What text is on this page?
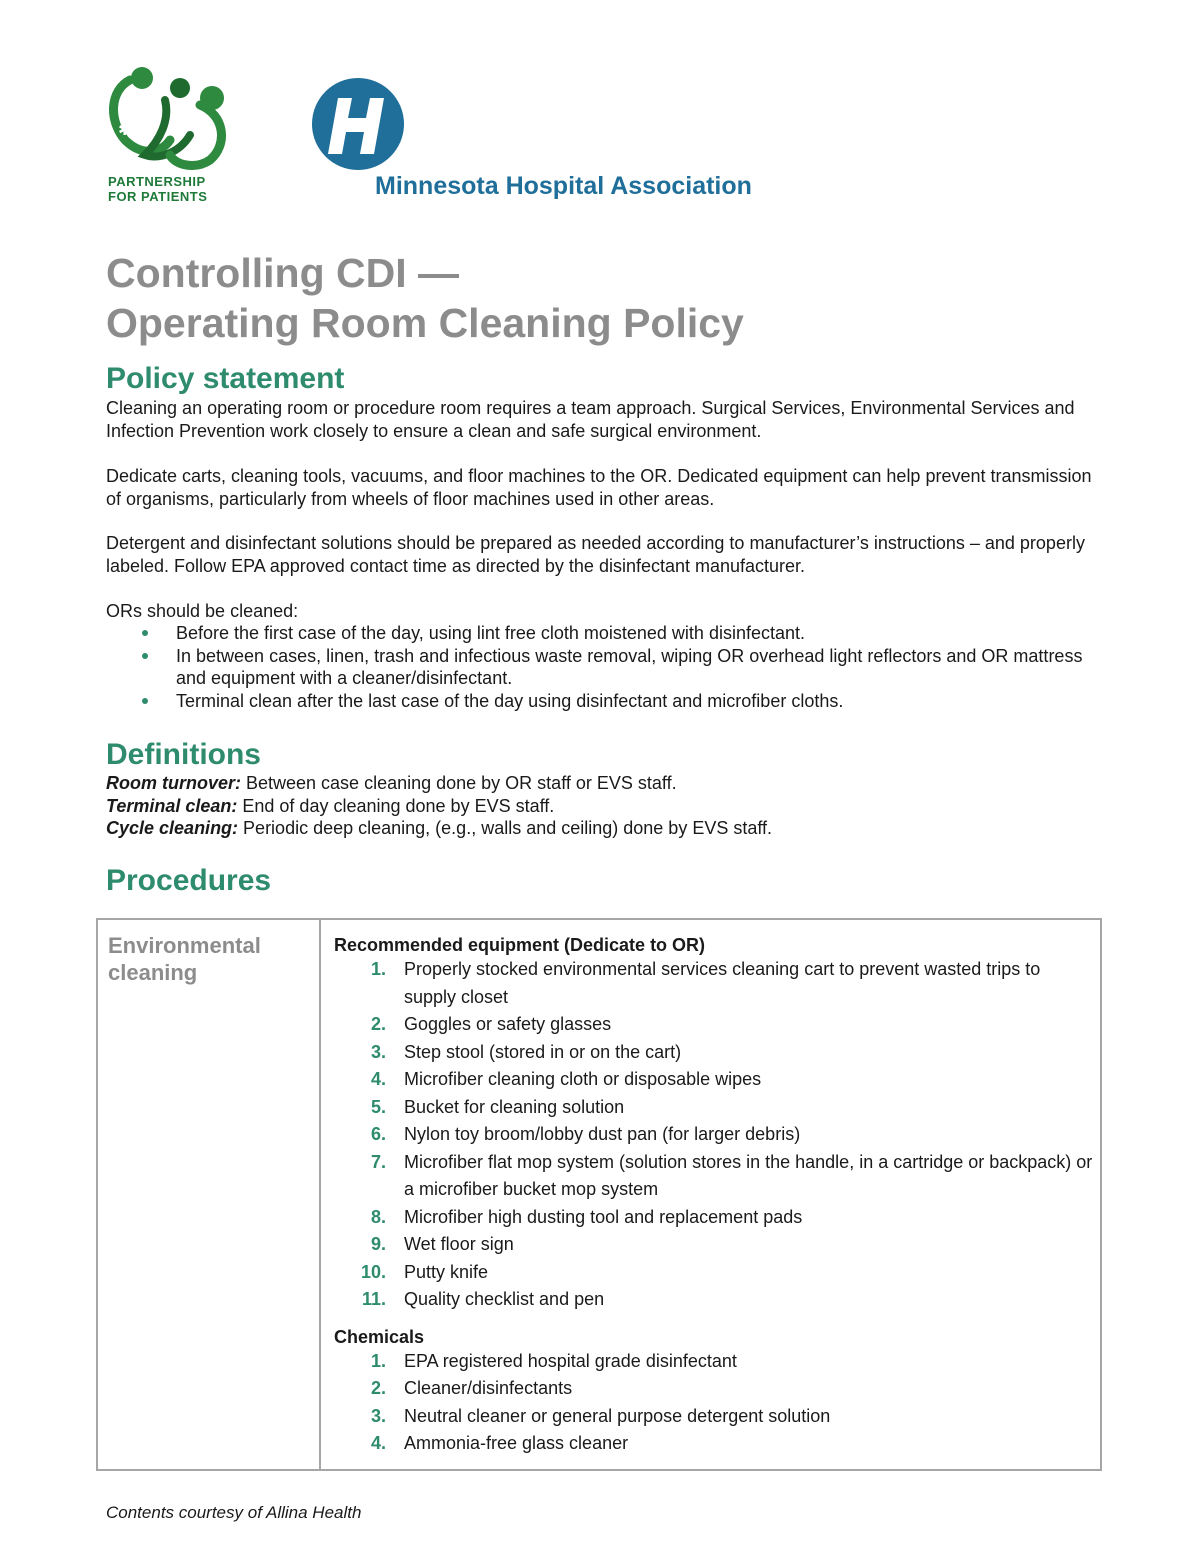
✱
PARTNERSHIP
FOR PATIENTS	Minnesota Hospital Association
Controlling CDI —
Operating Room Cleaning Policy
Policy statement

Cleaning an operating room or procedure room requires a team approach. Surgical Services, Environmental Services and Infection Prevention work closely to ensure a clean and safe surgical environment.

Dedicate carts, cleaning tools, vacuums, and floor machines to the OR. Dedicated equipment can help prevent transmission of organisms, particularly from wheels of floor machines used in other areas.

Detergent and disinfectant solutions should be prepared as needed according to manufacturer’s instructions – and properly labeled. Follow EPA approved contact time as directed by the disinfectant manufacturer.

ORs should be cleaned:

Before the first case of the day, using lint free cloth moistened with disinfectant.
In between cases, linen, trash and infectious waste removal, wiping OR overhead light reflectors and OR mattress and equipment with a cleaner/disinfectant.
Terminal clean after the last case of the day using disinfectant and microfiber cloths.
Definitions
Room turnover: Between case cleaning done by OR staff or EVS staff.
Terminal clean: End of day cleaning done by EVS staff.
Cycle cleaning: Periodic deep cleaning, (e.g., walls and ceiling) done by EVS staff.
Procedures
Environmental cleaning

Recommended equipment (Dedicate to OR)

1. Properly stocked environmental services cleaning cart to prevent wasted trips to supply closet
2. Goggles or safety glasses
3. Step stool (stored in or on the cart)
4. Microfiber cleaning cloth or disposable wipes
5. Bucket for cleaning solution
6. Nylon toy broom/lobby dust pan (for larger debris)
7. Microfiber flat mop system (solution stores in the handle, in a cartridge or backpack) or a microfiber bucket mop system
8. Microfiber high dusting tool and replacement pads
9. Wet floor sign
10. Putty knife
11. Quality checklist and pen

Chemicals

1. EPA registered hospital grade disinfectant
2. Cleaner/disinfectants
3. Neutral cleaner or general purpose detergent solution
4. Ammonia-free glass cleaner
Contents courtesy of Allina Health
